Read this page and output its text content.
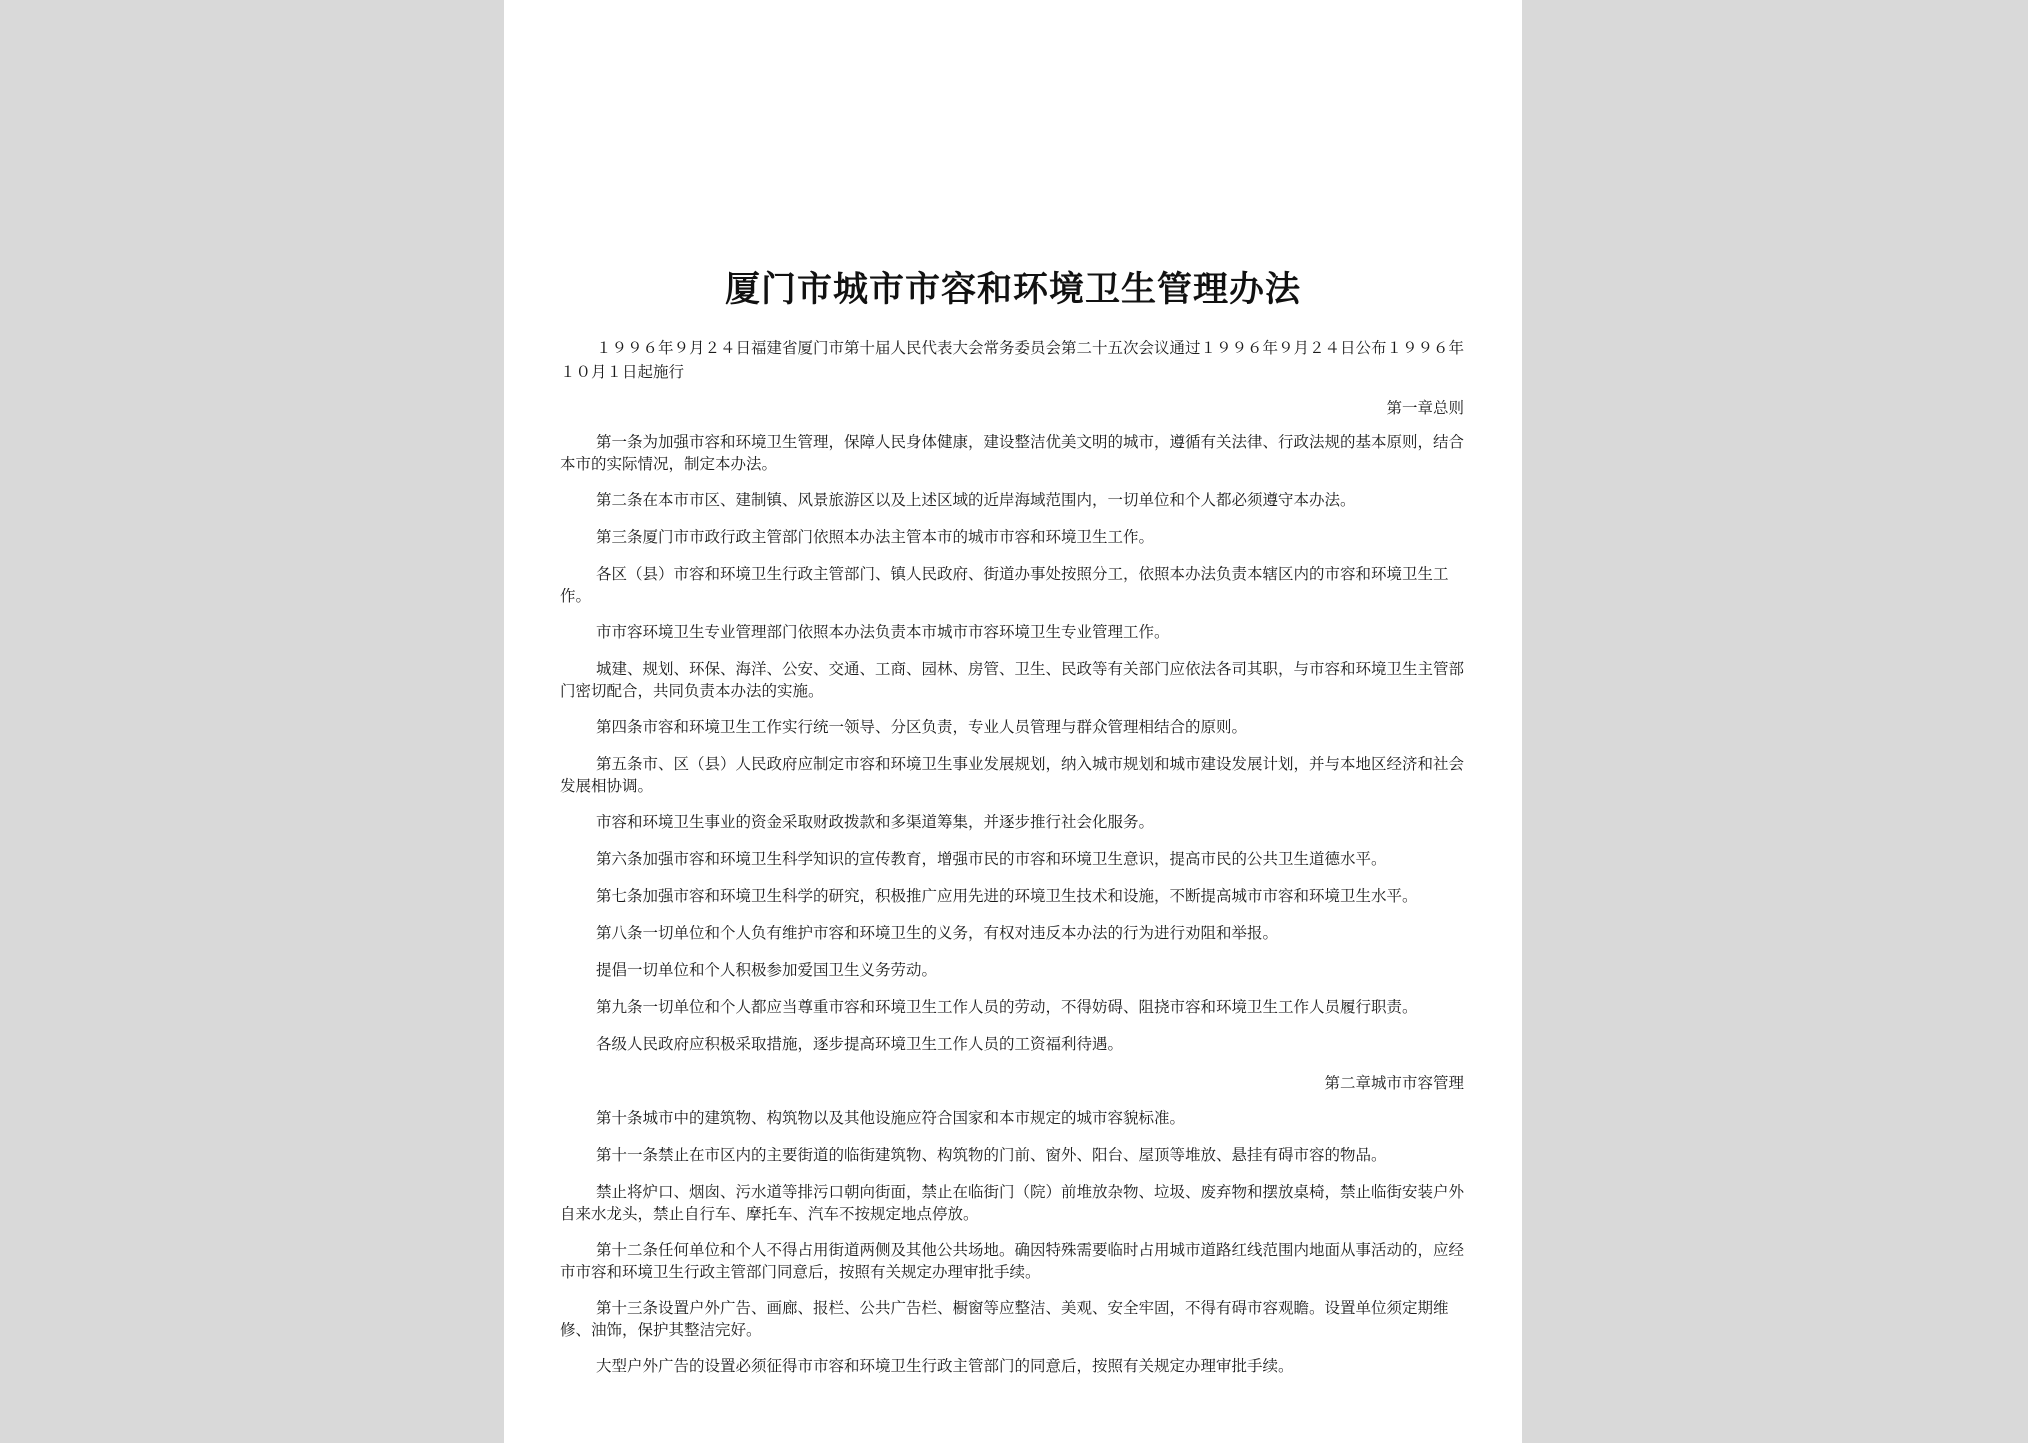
厦门市城市市容和环境卫生管理办法
１９９６年９月２４日福建省厦门市第十届人民代表大会常务委员会第二十五次会议通过１９９６年９月２４日公布１９９６年１０月１日起施行
第一章总则
第一条为加强市容和环境卫生管理，保障人民身体健康，建设整洁优美文明的城市，遵循有关法律、行政法规的基本原则，结合本市的实际情况，制定本办法。
第二条在本市市区、建制镇、风景旅游区以及上述区域的近岸海域范围内，一切单位和个人都必须遵守本办法。
第三条厦门市市政行政主管部门依照本办法主管本市的城市市容和环境卫生工作。
各区（县）市容和环境卫生行政主管部门、镇人民政府、街道办事处按照分工，依照本办法负责本辖区内的市容和环境卫生工作。
市市容环境卫生专业管理部门依照本办法负责本市城市市容环境卫生专业管理工作。
城建、规划、环保、海洋、公安、交通、工商、园林、房管、卫生、民政等有关部门应依法各司其职，与市容和环境卫生主管部门密切配合，共同负责本办法的实施。
第四条市容和环境卫生工作实行统一领导、分区负责，专业人员管理与群众管理相结合的原则。
第五条市、区（县）人民政府应制定市容和环境卫生事业发展规划，纳入城市规划和城市建设发展计划，并与本地区经济和社会发展相协调。
市容和环境卫生事业的资金采取财政拨款和多渠道筹集，并逐步推行社会化服务。
第六条加强市容和环境卫生科学知识的宣传教育，增强市民的市容和环境卫生意识，提高市民的公共卫生道德水平。
第七条加强市容和环境卫生科学的研究，积极推广应用先进的环境卫生技术和设施，不断提高城市市容和环境卫生水平。
第八条一切单位和个人负有维护市容和环境卫生的义务，有权对违反本办法的行为进行劝阻和举报。
提倡一切单位和个人积极参加爱国卫生义务劳动。
第九条一切单位和个人都应当尊重市容和环境卫生工作人员的劳动，不得妨碍、阻挠市容和环境卫生工作人员履行职责。
各级人民政府应积极采取措施，逐步提高环境卫生工作人员的工资福利待遇。
第二章城市市容管理
第十条城市中的建筑物、构筑物以及其他设施应符合国家和本市规定的城市容貌标准。
第十一条禁止在市区内的主要街道的临街建筑物、构筑物的门前、窗外、阳台、屋顶等堆放、悬挂有碍市容的物品。
禁止将炉口、烟囱、污水道等排污口朝向街面，禁止在临街门（院）前堆放杂物、垃圾、废弃物和摆放桌椅，禁止临街安装户外自来水龙头，禁止自行车、摩托车、汽车不按规定地点停放。
第十二条任何单位和个人不得占用街道两侧及其他公共场地。确因特殊需要临时占用城市道路红线范围内地面从事活动的，应经市市容和环境卫生行政主管部门同意后，按照有关规定办理审批手续。
第十三条设置户外广告、画廊、报栏、公共广告栏、橱窗等应整洁、美观、安全牢固，不得有碍市容观瞻。设置单位须定期维修、油饰，保护其整洁完好。
大型户外广告的设置必须征得市市容和环境卫生行政主管部门的同意后，按照有关规定办理审批手续。
